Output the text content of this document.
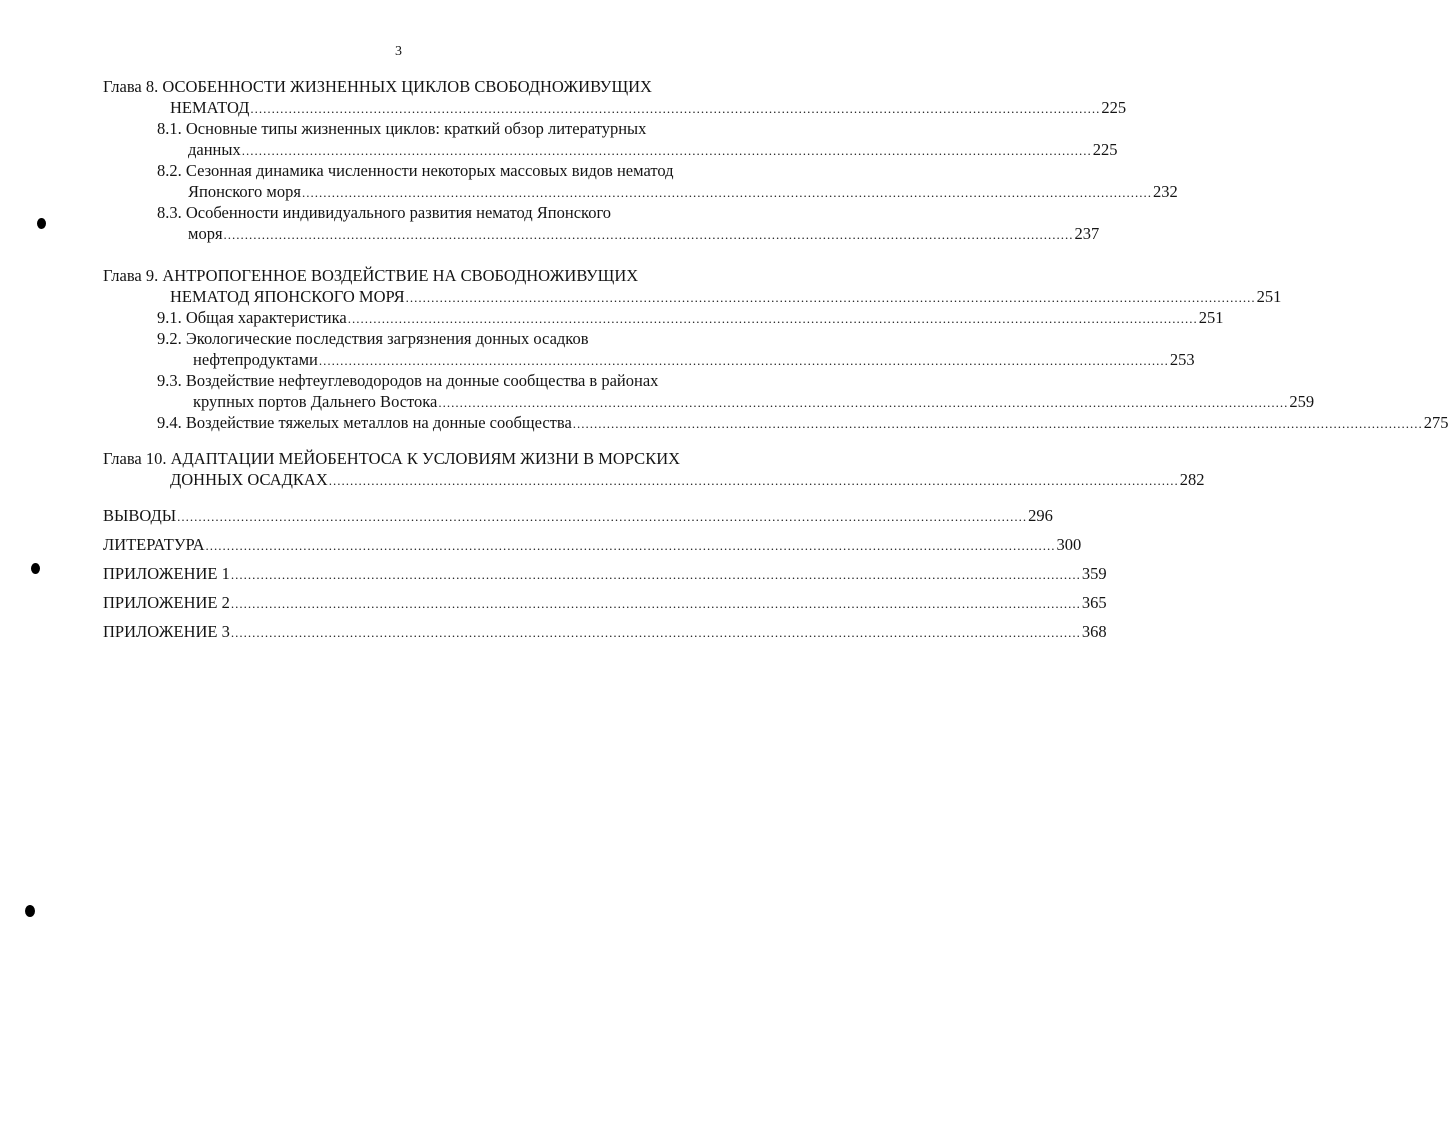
3
Глава 8. ОСОБЕННОСТИ ЖИЗНЕННЫХ ЦИКЛОВ СВОБОДНОЖИВУЩИХ
НЕМАТОД ........................................................................................................................................................................................................ 225
8.1. Основные типы жизненных циклов: краткий обзор литературных
данных ........................................................................................................................................................................................................ 225
8.2. Сезонная динамика численности некоторых массовых видов нематод
Японского моря ........................................................................................................................................................................................................ 232
8.3. Особенности индивидуального развития нематод Японского
моря ........................................................................................................................................................................................................ 237
Глава 9. АНТРОПОГЕННОЕ ВОЗДЕЙСТВИЕ НА СВОБОДНОЖИВУЩИХ
НЕМАТОД ЯПОНСКОГО МОРЯ ........................................................................................................................................................................................................ 251
9.1. Общая характеристика ........................................................................................................................................................................................................ 251
9.2. Экологические последствия загрязнения донных осадков
нефтепродуктами ........................................................................................................................................................................................................ 253
9.3. Воздействие нефтеуглеводородов на донные сообщества в районах
крупных портов Дальнего Востока ........................................................................................................................................................................................................ 259
9.4. Воздействие тяжелых металлов на донные сообщества ........................................................................................................................................................................................................ 275
Глава 10. АДАПТАЦИИ МЕЙОБЕНТОСА К УСЛОВИЯМ ЖИЗНИ В МОРСКИХ
ДОННЫХ ОСАДКАХ ........................................................................................................................................................................................................ 282
ВЫВОДЫ ........................................................................................................................................................................................................ 296
ЛИТЕРАТУРА ........................................................................................................................................................................................................ 300
ПРИЛОЖЕНИЕ 1 ........................................................................................................................................................................................................ 359
ПРИЛОЖЕНИЕ 2 ........................................................................................................................................................................................................ 365
ПРИЛОЖЕНИЕ 3 ........................................................................................................................................................................................................ 368
